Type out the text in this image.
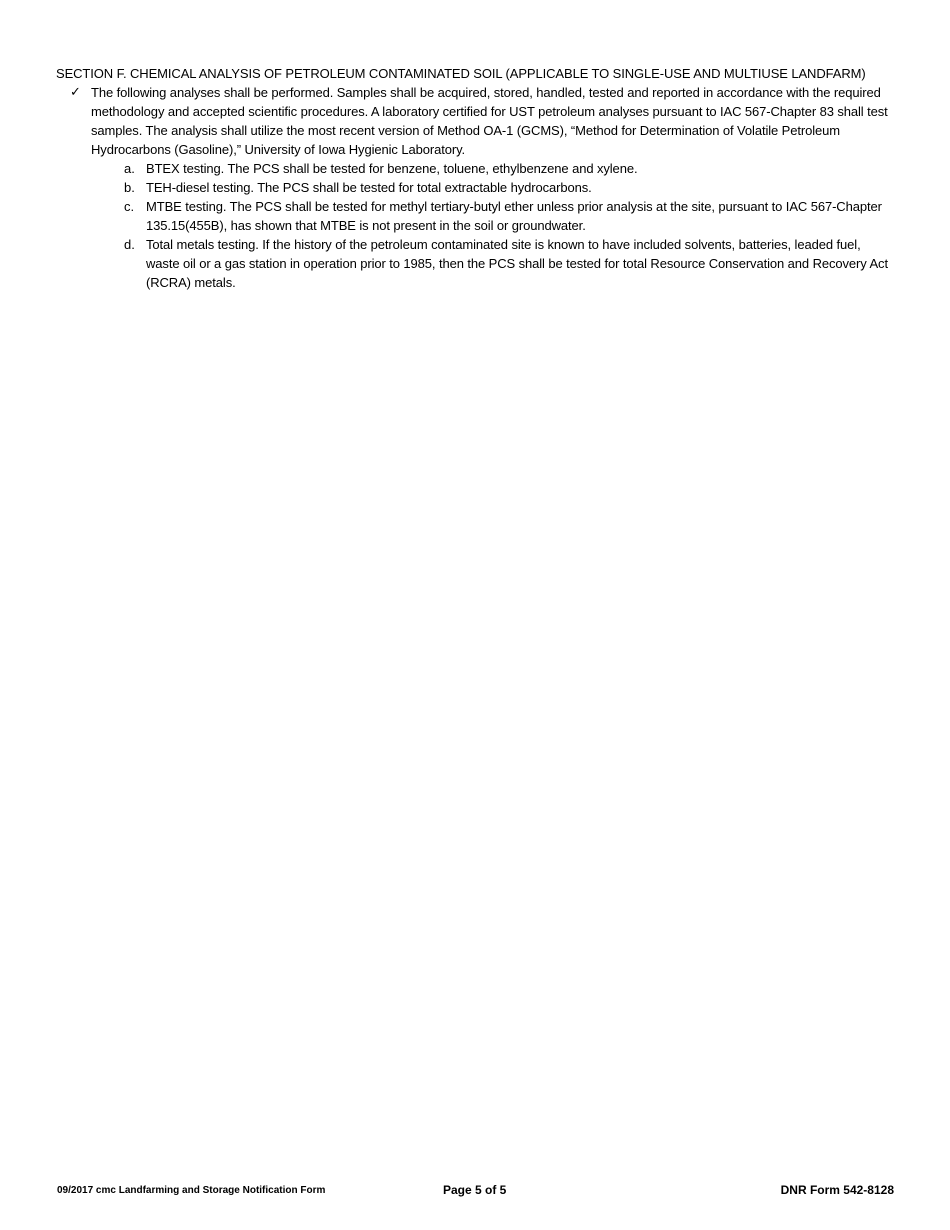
SECTION F. CHEMICAL ANALYSIS OF PETROLEUM CONTAMINATED SOIL (APPLICABLE TO SINGLE-USE AND MULTIUSE LANDFARM)
✓ The following analyses shall be performed. Samples shall be acquired, stored, handled, tested and reported in accordance with the required methodology and accepted scientific procedures. A laboratory certified for UST petroleum analyses pursuant to IAC 567-Chapter 83 shall test samples. The analysis shall utilize the most recent version of Method OA-1 (GCMS), “Method for Determination of Volatile Petroleum Hydrocarbons (Gasoline),” University of Iowa Hygienic Laboratory.
a. BTEX testing. The PCS shall be tested for benzene, toluene, ethylbenzene and xylene.
b. TEH-diesel testing. The PCS shall be tested for total extractable hydrocarbons.
c. MTBE testing. The PCS shall be tested for methyl tertiary-butyl ether unless prior analysis at the site, pursuant to IAC 567-Chapter 135.15(455B), has shown that MTBE is not present in the soil or groundwater.
d. Total metals testing. If the history of the petroleum contaminated site is known to have included solvents, batteries, leaded fuel, waste oil or a gas station in operation prior to 1985, then the PCS shall be tested for total Resource Conservation and Recovery Act (RCRA) metals.
09/2017 cmc Landfarming and Storage Notification Form	Page 5 of 5	DNR Form 542-8128
